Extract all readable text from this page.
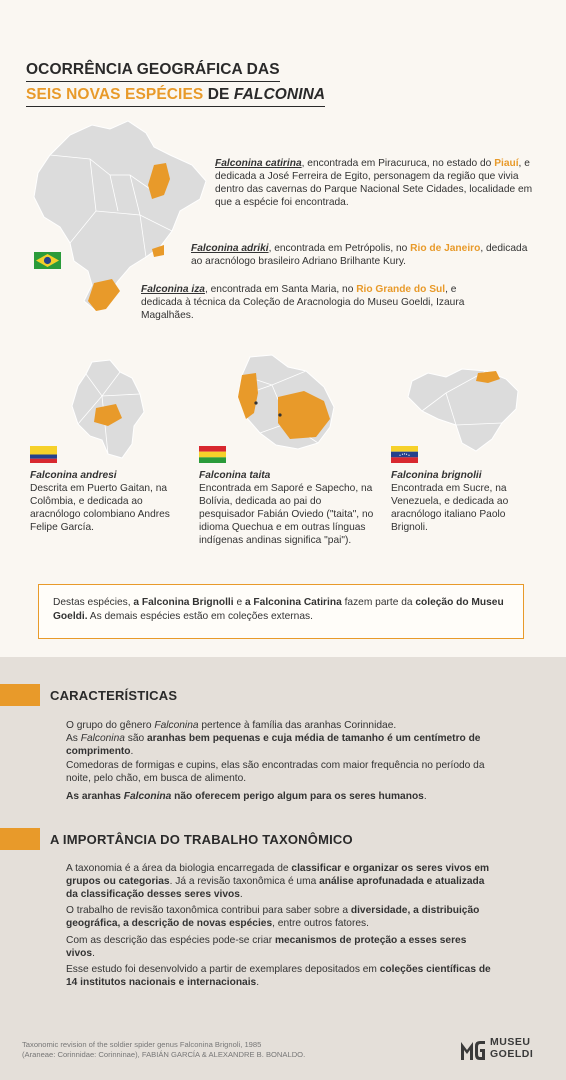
OCORRÊNCIA GEOGRÁFICA DAS
SEIS NOVAS ESPÉCIES DE FALCONINA
Falconina catirina, encontrada em Piracuruca, no estado do Piauí, e dedicada a José Ferreira de Egito, personagem da região que vivia dentro das cavernas do Parque Nacional Sete Cidades, localidade em que a espécie foi encontrada.
Falconina adriki, encontrada em Petrópolis, no Rio de Janeiro, dedicada ao aracnólogo brasileiro Adriano Brilhante Kury.
Falconina iza, encontrada em Santa Maria, no Rio Grande do Sul, e dedicada à técnica da Coleção de Aracnologia do Museu Goeldi, Izaura Magalhães.
Falconina andresi
Descrita em Puerto Gaitan, na Colômbia, e dedicada ao aracnólogo colombiano Andres Felipe García.
Falconina taita
Encontrada em Saporé e Sapecho, na Bolívia, dedicada ao pai do pesquisador Fabián Oviedo ("taita", no idioma Quechua e em outras línguas indígenas andinas significa "pai").
Falconina brignolii
Encontrada em Sucre, na Venezuela, e dedicada ao aracnólogo italiano Paolo Brignoli.
Destas espécies, a Falconina Brignolli e a Falconina Catirina fazem parte da coleção do Museu Goeldi. As demais espécies estão em coleções externas.
CARACTERÍSTICAS
O grupo do gênero Falconina pertence à família das aranhas Corinnidae.
As Falconina são aranhas bem pequenas e cuja média de tamanho é um centímetro de comprimento.
Comedoras de formigas e cupins, elas são encontradas com maior frequência no período da noite, pelo chão, em busca de alimento.
As aranhas Falconina não oferecem perigo algum para os seres humanos.
A IMPORTÂNCIA DO TRABALHO TAXONÔMICO
A taxonomia é a área da biologia encarregada de classificar e organizar os seres vivos em grupos ou categorias. Já a revisão taxonômica é uma análise aprofunadada e atualizada da classificação desses seres vivos.
O trabalho de revisão taxonômica contribui para saber sobre a diversidade, a distribuição geográfica, a descrição de novas espécies, entre outros fatores.
Com as descrição das espécies pode-se criar mecanismos de proteção a esses seres vivos.
Esse estudo foi desenvolvido a partir de exemplares depositados em coleções científicas de 14 institutos nacionais e internacionais.
Taxonomic revision of the soldier spider genus Falconina Brignoli, 1985
(Araneae: Corinnidae: Corinninae), FABIÁN GARCÍA & ALEXANDRE B. BONALDO.
MUSEU
GOELDI
